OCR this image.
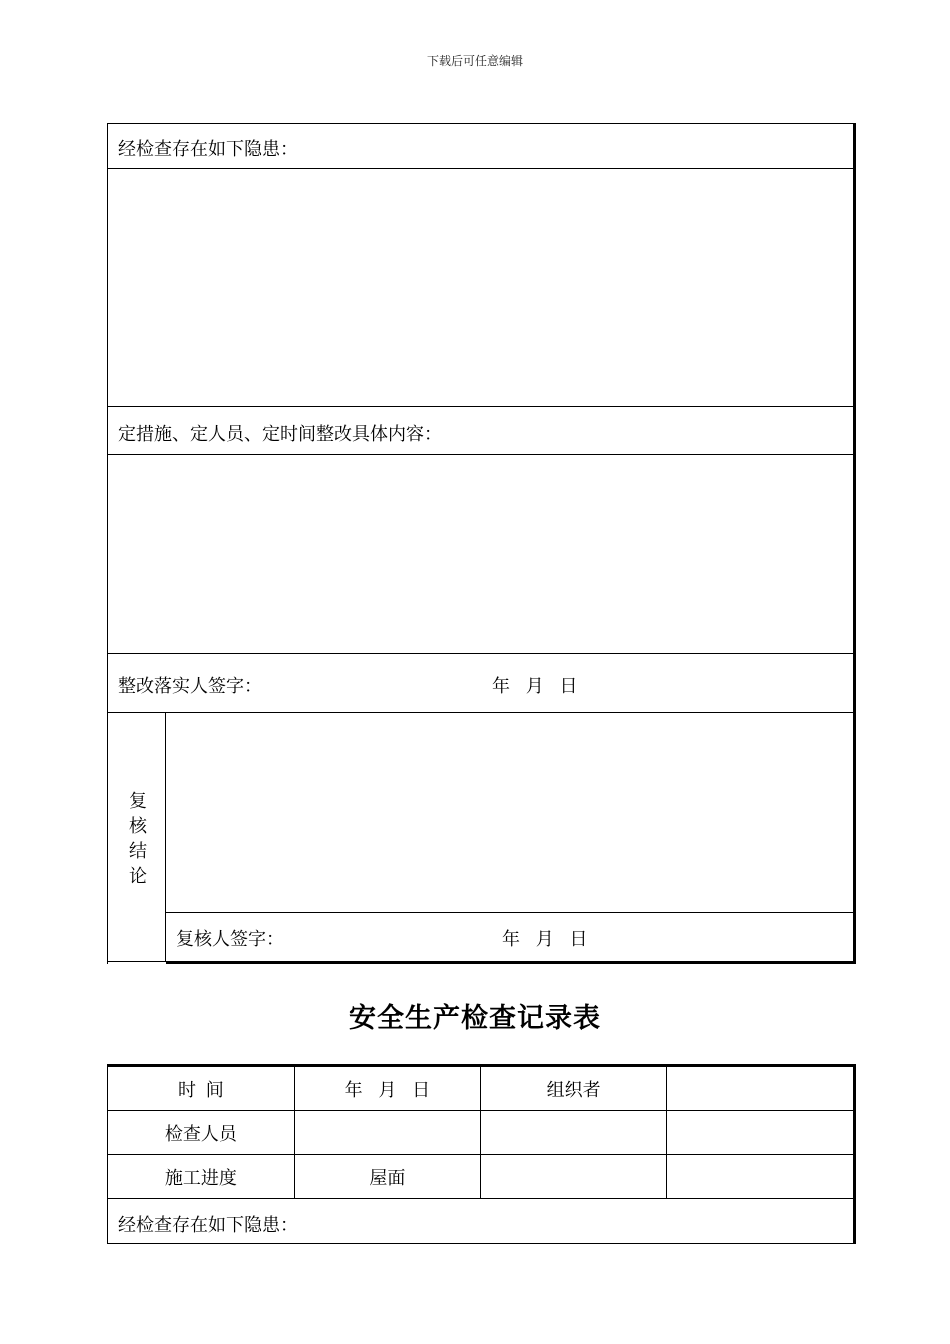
下载后可任意编辑
经检查存在如下隐患：
定措施、定人员、定时间整改具体内容：
整改落实人签字：	年 月 日
复
核
结
论
复核人签字：	年 月 日
安全生产检查记录表
时 间	年 月 日	组织者	
检查人员			
施工进度	屋面		
经检查存在如下隐患：
